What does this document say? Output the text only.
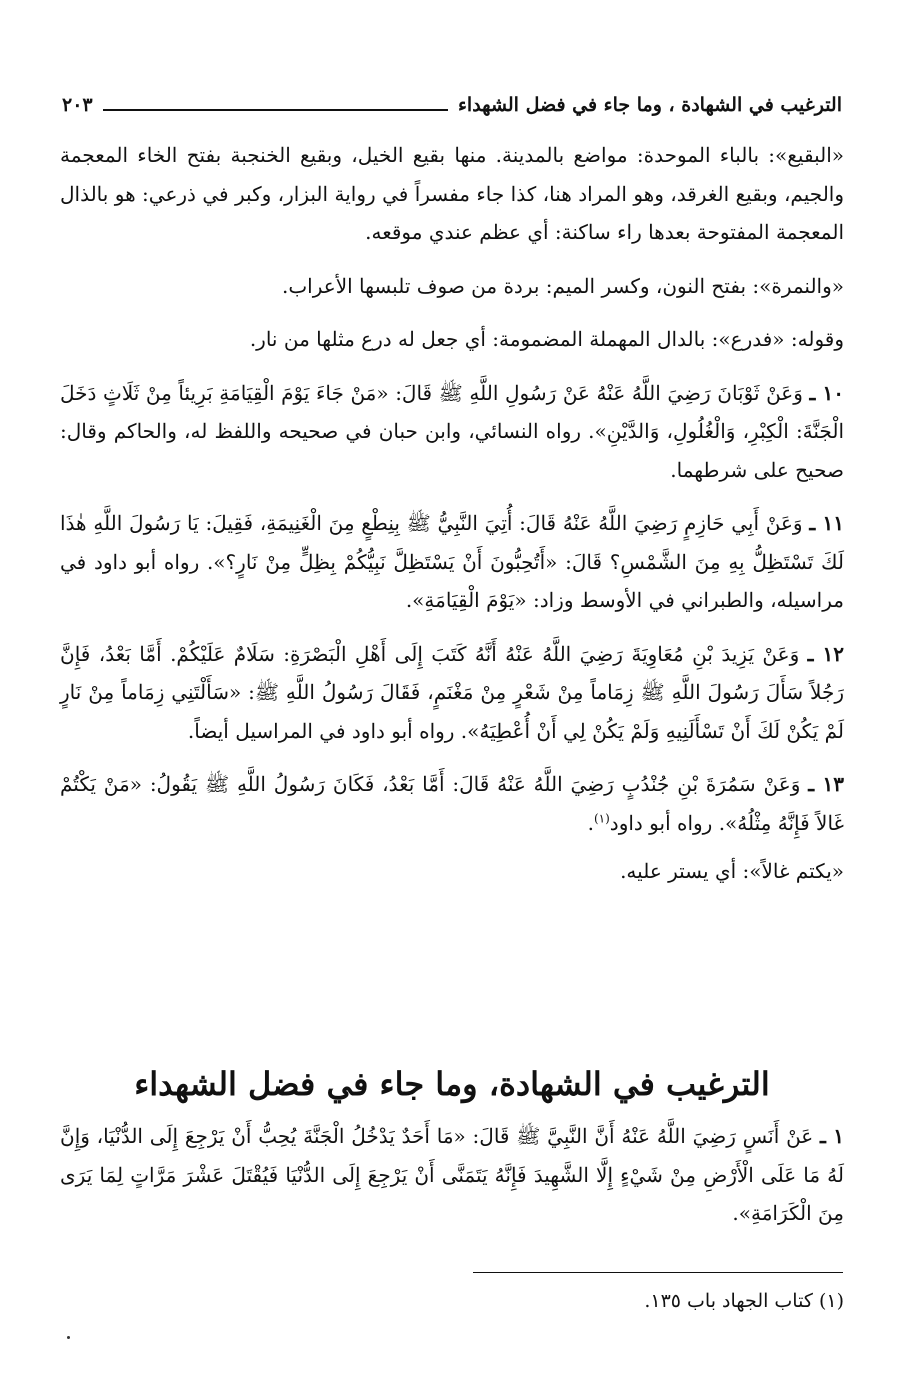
الترغيب في الشهادة ، وما جاء في فضل الشهداء
٢٠٣

«البقيع»: بالباء الموحدة: مواضع بالمدينة. منها بقيع الخيل، وبقيع الخنجبة بفتح الخاء المعجمة والجيم، وبقيع الغرقد، وهو المراد هنا، كذا جاء مفسراً في رواية البزار، وكبر في ذرعي: هو بالذال المعجمة المفتوحة بعدها راء ساكنة: أي عظم عندي موقعه.

«والنمرة»: بفتح النون، وكسر الميم: بردة من صوف تلبسها الأعراب.

وقوله: «فدرع»: بالدال المهملة المضمومة: أي جعل له درع مثلها من نار.

١٠ ـ وَعَنْ ثَوْبَانَ رَضِيَ اللَّهُ عَنْهُ عَنْ رَسُولِ اللَّهِ ﷺ قَالَ: «مَنْ جَاءَ يَوْمَ الْقِيَامَةِ بَرِيئاً مِنْ ثَلَاثٍ دَخَلَ الْجَنَّةَ: الْكِبْرِ، وَالْغُلُولِ، وَالدَّيْنِ». رواه النسائي، وابن حبان في صحيحه واللفظ له، والحاكم وقال: صحيح على شرطهما.

١١ ـ وَعَنْ أَبِي حَازِمٍ رَضِيَ اللَّهُ عَنْهُ قَالَ: أُتِيَ النَّبِيُّ ﷺ بِنِطْعٍ مِنَ الْغَنِيمَةِ، فَقِيلَ: يَا رَسُولَ اللَّهِ هٰذَا لَكَ تَسْتَظِلُّ بِهِ مِنَ الشَّمْسِ؟ قَالَ: «أَتُحِبُّونَ أَنْ يَسْتَظِلَّ نَبِيُّكُمْ بِظِلٍّ مِنْ نَارٍ؟». رواه أبو داود في مراسيله، والطبراني في الأوسط وزاد: «يَوْمَ الْقِيَامَةِ».

١٢ ـ وَعَنْ يَزِيدَ بْنِ مُعَاوِيَةَ رَضِيَ اللَّهُ عَنْهُ أَنَّهُ كَتَبَ إِلَى أَهْلِ الْبَصْرَةِ: سَلَامٌ عَلَيْكُمْ. أَمَّا بَعْدُ، فَإِنَّ رَجُلاً سَأَلَ رَسُولَ اللَّهِ ﷺ زِمَاماً مِنْ شَعْرٍ مِنْ مَغْنَمٍ، فَقَالَ رَسُولُ اللَّهِ ﷺ: «سَأَلْتَنِي زِمَاماً مِنْ نَارٍ لَمْ يَكُنْ لَكَ أَنْ تَسْأَلَنِيهِ وَلَمْ يَكُنْ لِي أَنْ أُعْطِيَهُ». رواه أبو داود في المراسيل أيضاً.

١٣ ـ وَعَنْ سَمُرَةَ بْنِ جُنْدُبٍ رَضِيَ اللَّهُ عَنْهُ قَالَ: أَمَّا بَعْدُ، فَكَانَ رَسُولُ اللَّهِ ﷺ يَقُولُ: «مَنْ يَكْتُمْ غَالاً فَإِنَّهُ مِثْلُهُ». رواه أبو داود$^{(١)}$.

«يكتم غالاً»: أي يستر عليه.

الترغيب في الشهادة، وما جاء في فضل الشهداء

١ ـ عَنْ أَنَسٍ رَضِيَ اللَّهُ عَنْهُ أَنَّ النَّبِيَّ ﷺ قَالَ: «مَا أَحَدٌ يَدْخُلُ الْجَنَّةَ يُحِبُّ أَنْ يَرْجِعَ إِلَى الدُّنْيَا، وَإِنَّ لَهُ مَا عَلَى الْأَرْضِ مِنْ شَيْءٍ إِلَّا الشَّهِيدَ فَإِنَّهُ يَتَمَنَّى أَنْ يَرْجِعَ إِلَى الدُّنْيَا فَيُقْتَلَ عَشْرَ مَرَّاتٍ لِمَا يَرَى مِنَ الْكَرَامَةِ».

(١) كتاب الجهاد باب ١٣٥.
